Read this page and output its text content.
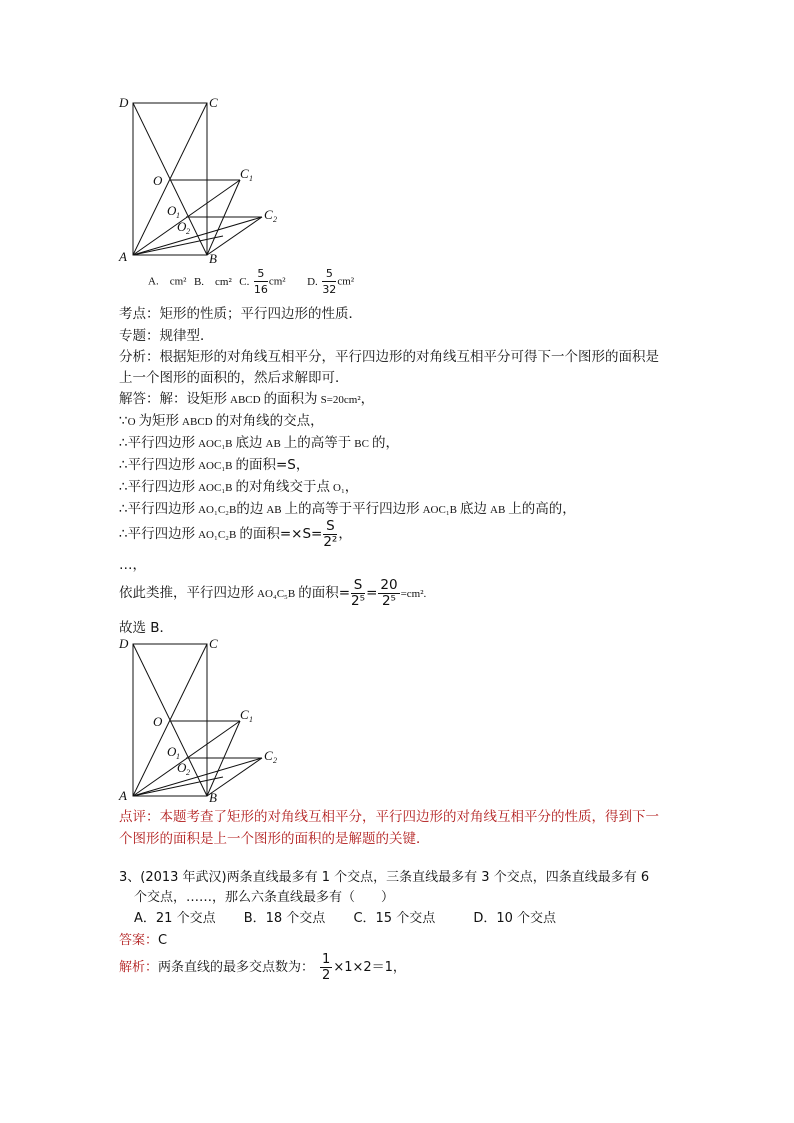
D	C
O	C 1
O 1	C 2
O 2
A	B
A.　cm² B.　cm² C. $\frac{5}{16} cm^2$ D. $\frac{5}{32} cm^2$
考点：矩形的性质；平行四边形的性质．
专题：规律型．
分析：根据矩形的对角线互相平分，平行四边形的对角线互相平分可得下一个图形的面积是
上一个图形的面积的，然后求解即可．
解答：解：设矩形 ABCD 的面积为 S=20cm²，
∵O 为矩形 ABCD 的对角线的交点，
∴平行四边形 AOC₁B 底边 AB 上的高等于 BC 的，
∴平行四边形 AOC₁B 的面积=S，
∴平行四边形 AOC₁B 的对角线交于点 O₁，
∴平行四边形 AO₁C₂B的边 AB 上的高等于平行四边形 AOC₁B 底边 AB 上的高的，
∴平行四边形 AO₁C₂B 的面积$=\times S= \frac{S}{\text{2²}}$ ，
…，
依此类推，平行四边形 AO₄C₅B 的面积= $\frac{S}{\text{2⁵}} = \frac{20}{\text{2⁵}} =cm^2$.
故选 B．
D	C
O	C 1
O 1	C 2
O 2
A	B
点评：本题考查了矩形的对角线互相平分，平行四边形的对角线互相平分的性质，得到下一
个图形的面积是上一个图形的面积的是解题的关键．
3、(2013 年武汉)两条直线最多有 1 个交点，三条直线最多有 3 个交点，四条直线最多有 6
个交点，……，那么六条直线最多有（　　）
A．21 个交点 B．18 个交点 C．15 个交点	D．10 个交点
答案：C
解析：两条直线的最多交点数为： $\frac{1}{2} \times 1\times 2=1$，
